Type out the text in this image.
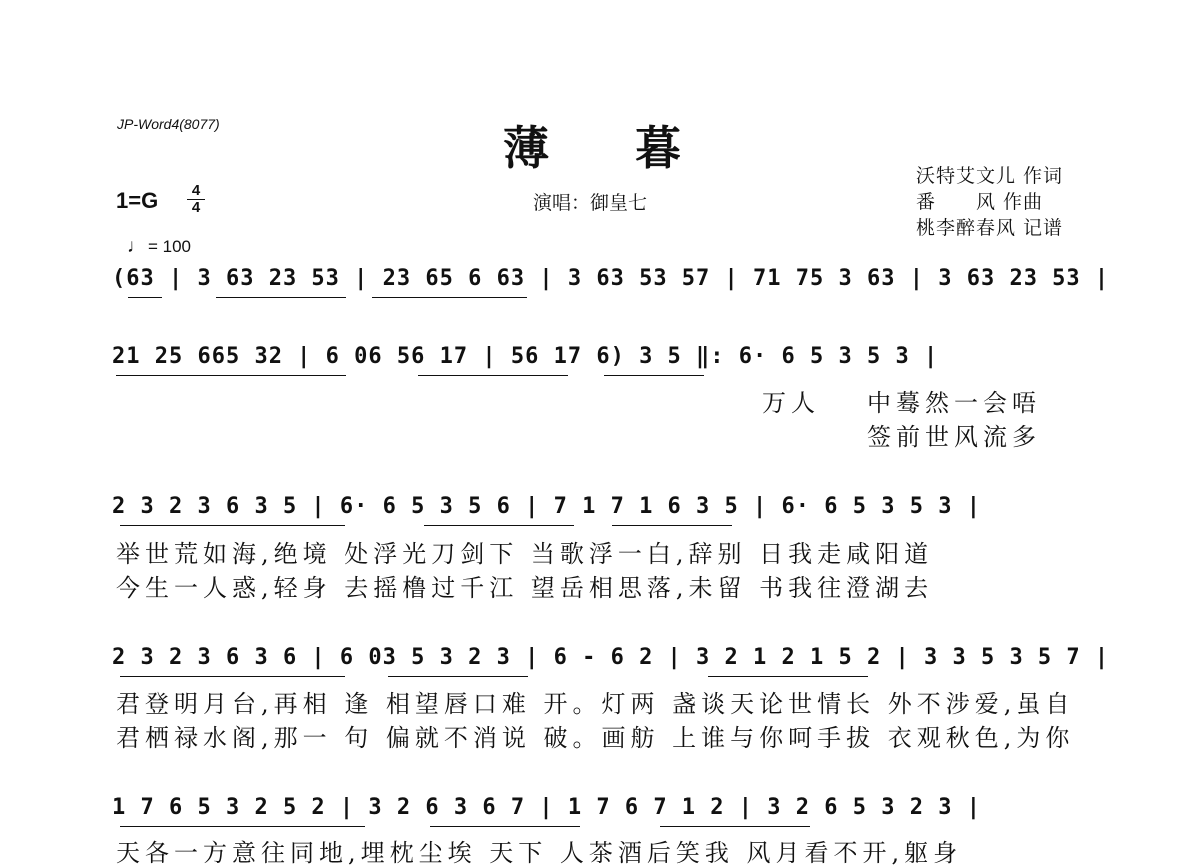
JP-Word4(8077)	薄暮
1=G	4
4	演唱：御皇七
沃特艾文儿 作词
番　　风 作曲
桃李醉春风 记谱
♩ = 100
(63 | 3 63 23 53 | 23 65 6 63 | 3 63 53 57 | 71 75 3 63 | 3 63 23 53 |
21 25 665 32 | 6 06 56 17 | 56 17 6) 3 5 ‖: 6· 6 5 3 5 3 |
万人 中蓦然一会唔
签前世风流多
2 3 2 3 6 3 5 | 6· 6 5 3 5 6 | 7 1 7 1 6 3 5 | 6· 6 5 3 5 3 |
举世荒如海,绝境 处浮光刀剑下 当歌浮一白,辞别 日我走咸阳道
今生一人惑,轻身 去摇橹过千江 望岳相思落,未留 书我往澄湖去
2 3 2 3 6 3 6 | 6 03 5 3 2 3 | 6 - 6 2 | 3 2 1 2 1 5 2 | 3 3 5 3 5 7 |
君登明月台,再相 逢 相望唇口难 开。灯两 盏谈天论世情长 外不涉爱,虽自
君栖禄水阁,那一 句 偏就不消说 破。画舫 上谁与你呵手拔 衣观秋色,为你
1 7 6 5 3 2 5 2 | 3 2 6 3 6 7 | 1 7 6 7 1 2 | 3 2 6 5 3 2 3 |
天各一方意往同地,埋枕尘埃 天下 人茶酒后笑我 风月看不开,躯身
